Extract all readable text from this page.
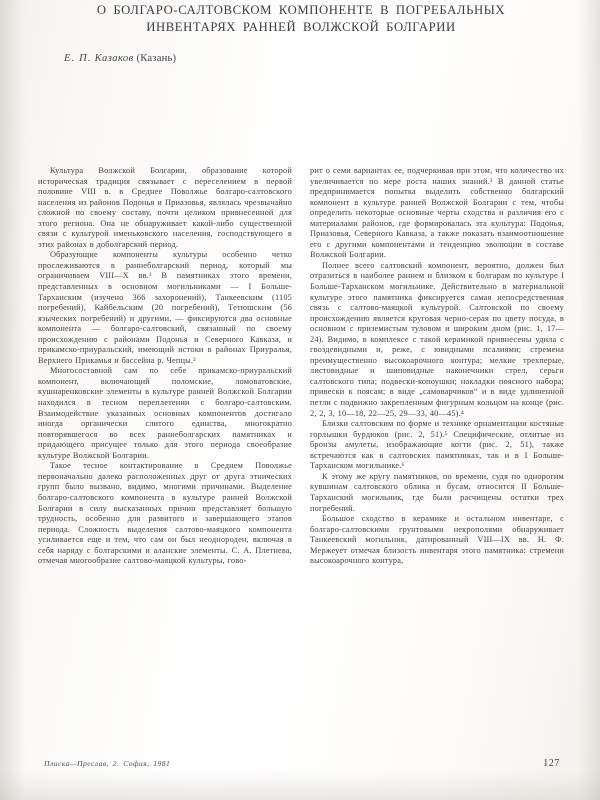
О БОЛГАРО-САЛТОВСКОМ КОМПОНЕНТЕ В ПОГРЕБАЛЬНЫХ
ИНВЕНТАРЯХ РАННЕЙ ВОЛЖСКОЙ БОЛГАРИИ
Е. П. Казаков (Казань)

Культура Волжской Болгарии, образование которой историческая традиция связывает с переселением в первой половине VIII в. в Среднее Поволжье болгаро-салтовского населения из районов Подонья и Приазовья, являлась чрезвычайно сложной по своему составу, почти целиком привнесенной для этого региона. Она не обнаруживает какой-либо существенной связи с культурой именьковского населения, господствующего в этих районах в доболгарский период.

Образующие компоненты культуры особенно четко прослеживаются в раннеболгарский период, который мы ограничиваем VIII—X вв.¹ В памятниках этого времени, представленных в основном могильниками — I Больше-Тарханским (изучено 366 захоронений), Танкеевским (1105 погребений), Кайбельским (20 погребений), Тетюшским (56 языческих погребений) и другими, — фиксируются два основные компонента — болгаро-салтовский, связанный по своему происхождению с районами Подонья и Северного Кавказа, и прикамско-приуральский, имеющий истоки в районах Приуралья, Верхнего Прикамья и бассейна р. Чепцы.²

Многосоставной сам по себе прикамско-приуральский компонент, включающий поломские, ломоватовские, кушнаренковские элементы в культуре ранней Волжской Болгарии находился в тесном переплетении с болгаро-салтовским. Взаимодействие указанных основных компонентов достигало иногда органически слитого единства, многократно повторявшегося во всех раннеболгарских памятниках и придающего присущее только для этого периода своеобразие культуре Волжской Болгарии.

Такое тесное контактирование в Среднем Поволжье первоначально далеко расположенных друг от друга этнических групп было вызвано, видимо, многими причинами. Выделение болгаро-салтовского компонента в культуре ранней Волжской Болгарии в силу высказанных причин представляет большую трудность, особенно для развитого и завершающего этапов периода. Сложность выделения салтово-маяцкого компонента усиливается еще и тем, что сам он был неоднороден, включая в себя наряду с болгарскими и аланские элементы. С. А. Плетнева, отмечая многообразие салтово-маяцкой культуры, гово-

рит о семи вариантах ее, подчеркивая при этом, что количество их увеличивается по мере роста наших знаний.³ В данной статье предпринимается попытка выделить собственно болгарский компонент в культуре ранней Волжской Болгарии с тем, чтобы определить некоторые основные черты сходства и различия его с материалами районов, где формировалась эта культура: Подонья, Приазовья, Северного Кавказа, а также показать взаимоотношение его с другими компонентами и тенденцию эволюции в составе Волжской Болгарии.

Полнее всего салтовский компонент, вероятно, должен был отразиться в наиболее раннем и близком к болгарам по культуре I Больше-Тарханском могильнике. Действительно в материальной культуре этого памятника фиксируется самая непосредственная связь с салтово-маяцкой культурой. Салтовской по своему происхождению является круговая черно-серая по цвету посуда, в основном с приземистым туловом и широким дном (рис. 1, 17—24). Видимо, в комплексе с такой керамикой привнесены удила с гвоздевидными и, реже, с ювидными псалиями; стремена преимущественно высокоарочного контура; мелкие трехперые, листовидные и шиповидные наконечники стрел, серьги салтовского типа; подвески-копоушки; накладки поясного набора; привески к поясам; в виде „самоварчиков“ и в виде удлиненной петли с подвижно закрепленным фигурным кольцом на конце (рис. 2, 2, 3, 10—18, 22—25, 29—33, 40—45).⁴

Близки салтовским по форме и технике орнаментации костяные горлышки бурдюков (рис. 2, 51).⁵ Специфические, отлитые из бронзы амулеты, изображающие когти (рис. 2, 51), также встречаются как в салтовских памятниках, так и в I Больше-Тарханском могильнике.⁶

К этому же кругу памятников, по времени, судя по однорогим кувшинам салтовского облика и бусам, относится II Больше-Тарханский могильник, где были расчищены остатки трех погребений.

Большое сходство в керамике и остальном инвентаре, с болгаро-салтовскими грунтовыми некрополями обнаруживает Танкеевский могильник, датированный VIII—IX вв. Н. Ф. Мержеует отмечая близость инвентаря этого памятника: стремени высокоарочного контура,

Плиска—Преслав, 2. София, 1981	127
